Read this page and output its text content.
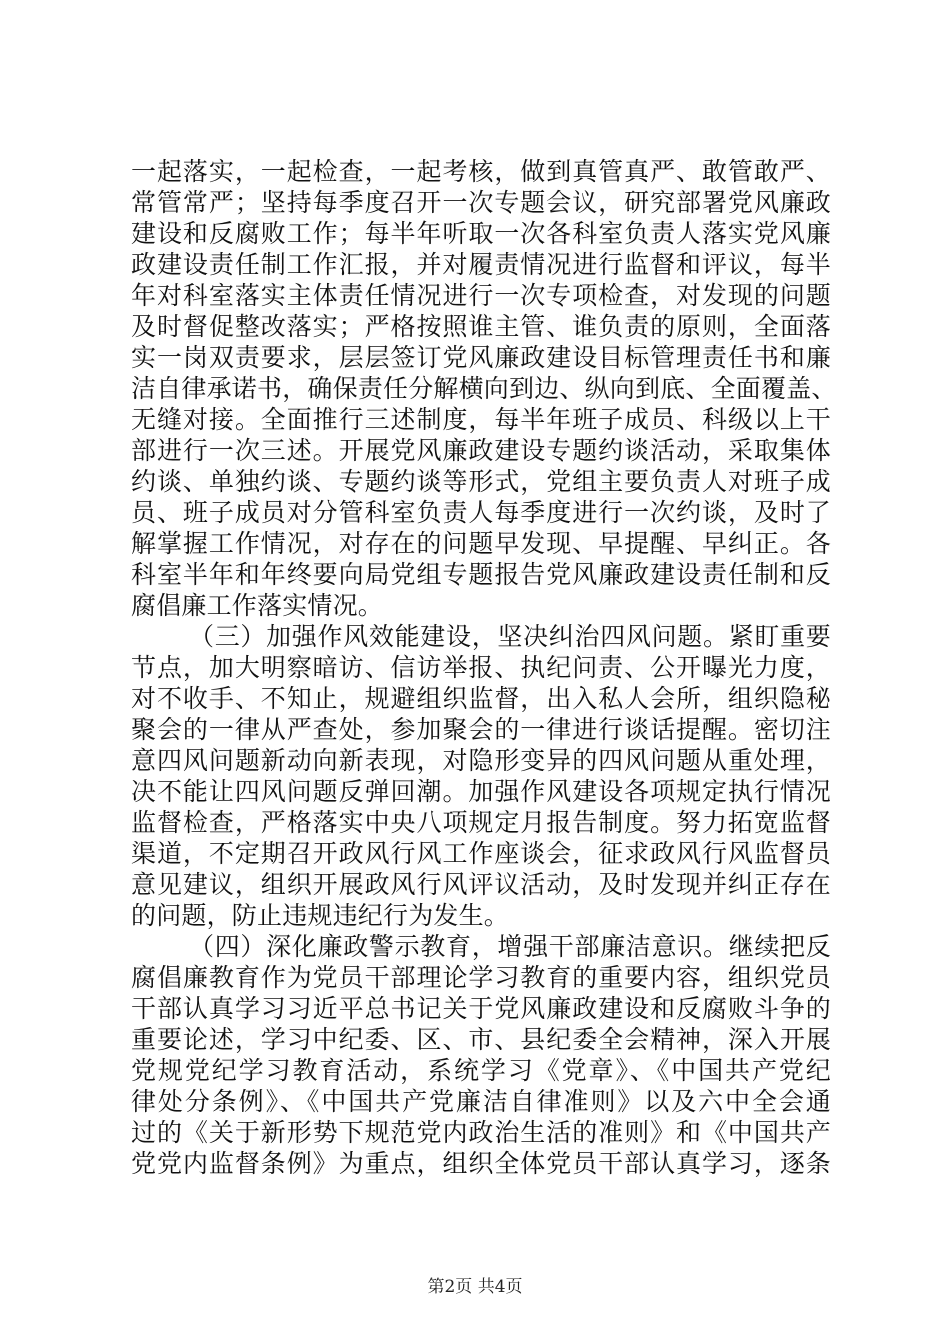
一起落实，一起检查，一起考核，做到真管真严、敢管敢严、
常管常严；坚持每季度召开一次专题会议，研究部署党风廉政
建设和反腐败工作；每半年听取一次各科室负责人落实党风廉
政建设责任制工作汇报，并对履责情况进行监督和评议，每半
年对科室落实主体责任情况进行一次专项检查，对发现的问题
及时督促整改落实；严格按照谁主管、谁负责的原则，全面落
实一岗双责要求，层层签订党风廉政建设目标管理责任书和廉
洁自律承诺书，确保责任分解横向到边、纵向到底、全面覆盖、
无缝对接。全面推行三述制度，每半年班子成员、科级以上干
部进行一次三述。开展党风廉政建设专题约谈活动，采取集体
约谈、单独约谈、专题约谈等形式，党组主要负责人对班子成
员、班子成员对分管科室负责人每季度进行一次约谈，及时了
解掌握工作情况，对存在的问题早发现、早提醒、早纠正。各
科室半年和年终要向局党组专题报告党风廉政建设责任制和反
腐倡廉工作落实情况。
（三）加强作风效能建设，坚决纠治四风问题。紧盯重要
节点，加大明察暗访、信访举报、执纪问责、公开曝光力度，
对不收手、不知止，规避组织监督，出入私人会所，组织隐秘
聚会的一律从严查处，参加聚会的一律进行谈话提醒。密切注
意四风问题新动向新表现，对隐形变异的四风问题从重处理，
决不能让四风问题反弹回潮。加强作风建设各项规定执行情况
监督检查，严格落实中央八项规定月报告制度。努力拓宽监督
渠道，不定期召开政风行风工作座谈会，征求政风行风监督员
意见建议，组织开展政风行风评议活动，及时发现并纠正存在
的问题，防止违规违纪行为发生。
（四）深化廉政警示教育，增强干部廉洁意识。继续把反
腐倡廉教育作为党员干部理论学习教育的重要内容，组织党员
干部认真学习习近平总书记关于党风廉政建设和反腐败斗争的
重要论述，学习中纪委、区、市、县纪委全会精神，深入开展
党规党纪学习教育活动，系统学习《党章》、《中国共产党纪
律处分条例》、《中国共产党廉洁自律准则》以及六中全会通
过的《关于新形势下规范党内政治生活的准则》和《中国共产
党党内监督条例》为重点，组织全体党员干部认真学习，逐条
第2页 共4页
